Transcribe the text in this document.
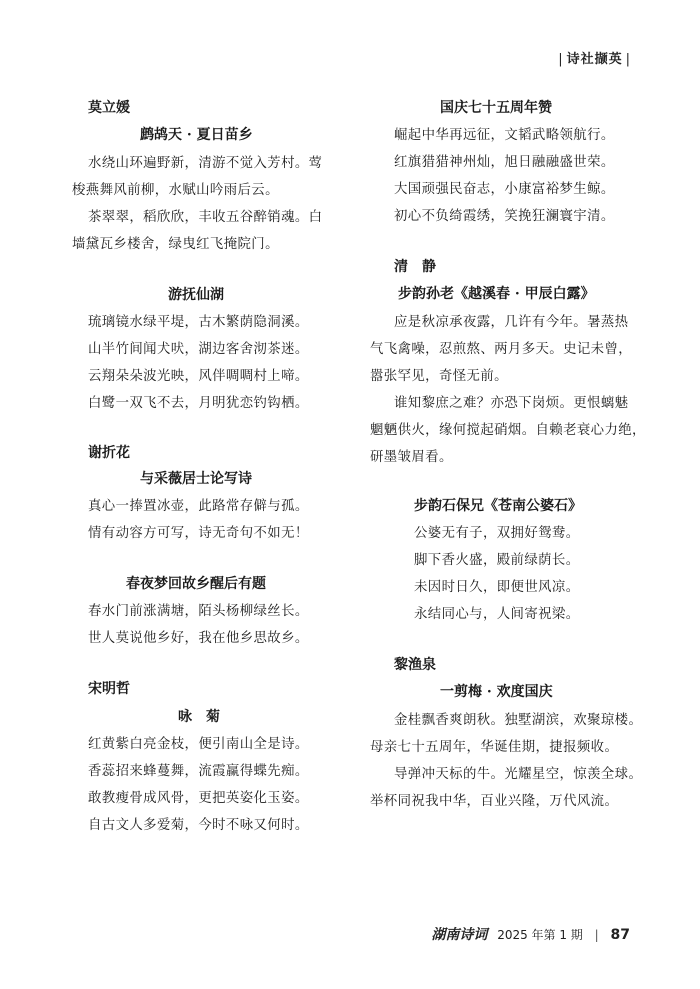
| 诗社撷英 |
莫立媛
鹧鸪天 · 夏日苗乡
水绕山环遍野新，清游不觉入芳村。莺
梭燕舞风前柳，水赋山吟雨后云。
茶翠翠，稻欣欣，丰收五谷醉销魂。白
墙黛瓦乡楼舍，绿曳红飞掩院门。
游抚仙湖
琉璃镜水绿平堤，古木繁荫隐洞溪。
山半竹间闻犬吠，湖边客舍沏茶迷。
云翔朵朵波光映，风伴啁啁村上啼。
白鹭一双飞不去，月明犹恋钓钩栖。
谢折花
与采薇居士论写诗
真心一捧置冰壶，此路常存僻与孤。
情有动容方可写，诗无奇句不如无！
春夜梦回故乡醒后有题
春水门前涨满塘，陌头杨柳绿丝长。
世人莫说他乡好，我在他乡思故乡。
宋明哲
咏　菊
红黄紫白亮金枝，便引南山全是诗。
香蕊招来蜂蔓舞，流霞赢得蝶先痴。
敢教瘦骨成风骨，更把英姿化玉姿。
自古文人多爱菊，今时不咏又何时。
国庆七十五周年赞
崛起中华再远征，文韬武略领航行。
红旗猎猎神州灿，旭日融融盛世荣。
大国顽强民奋志，小康富裕梦生鲸。
初心不负绮霞绣，笑挽狂澜寰宇清。
清　静
步韵孙老《越溪春 · 甲辰白露》
应是秋凉承夜露，几许有今年。暑蒸热
气飞禽噪，忍煎熬、两月多天。史记未曾，
嚣张罕见，奇怪无前。
谁知黎庶之难？亦恐下岗烦。更恨螭魅
魍魉供火，缘何搅起硝烟。自赖老衰心力绝，
研墨皱眉看。
步韵石保兄《苍南公婆石》
公婆无有子，双拥好鸳鸯。
脚下香火盛，殿前绿荫长。
未因时日久，即便世风凉。
永结同心与，人间寄祝梁。
黎渔泉
一剪梅 · 欢度国庆
金桂飘香爽朗秋。独墅湖滨，欢聚琼楼。
母亲七十五周年，华诞佳期，捷报频收。
导弹冲天标的牛。光耀星空，惊羡全球。
举杯同祝我中华，百业兴隆，万代风流。
湖南诗词 2025 年第 1 期 | 87
